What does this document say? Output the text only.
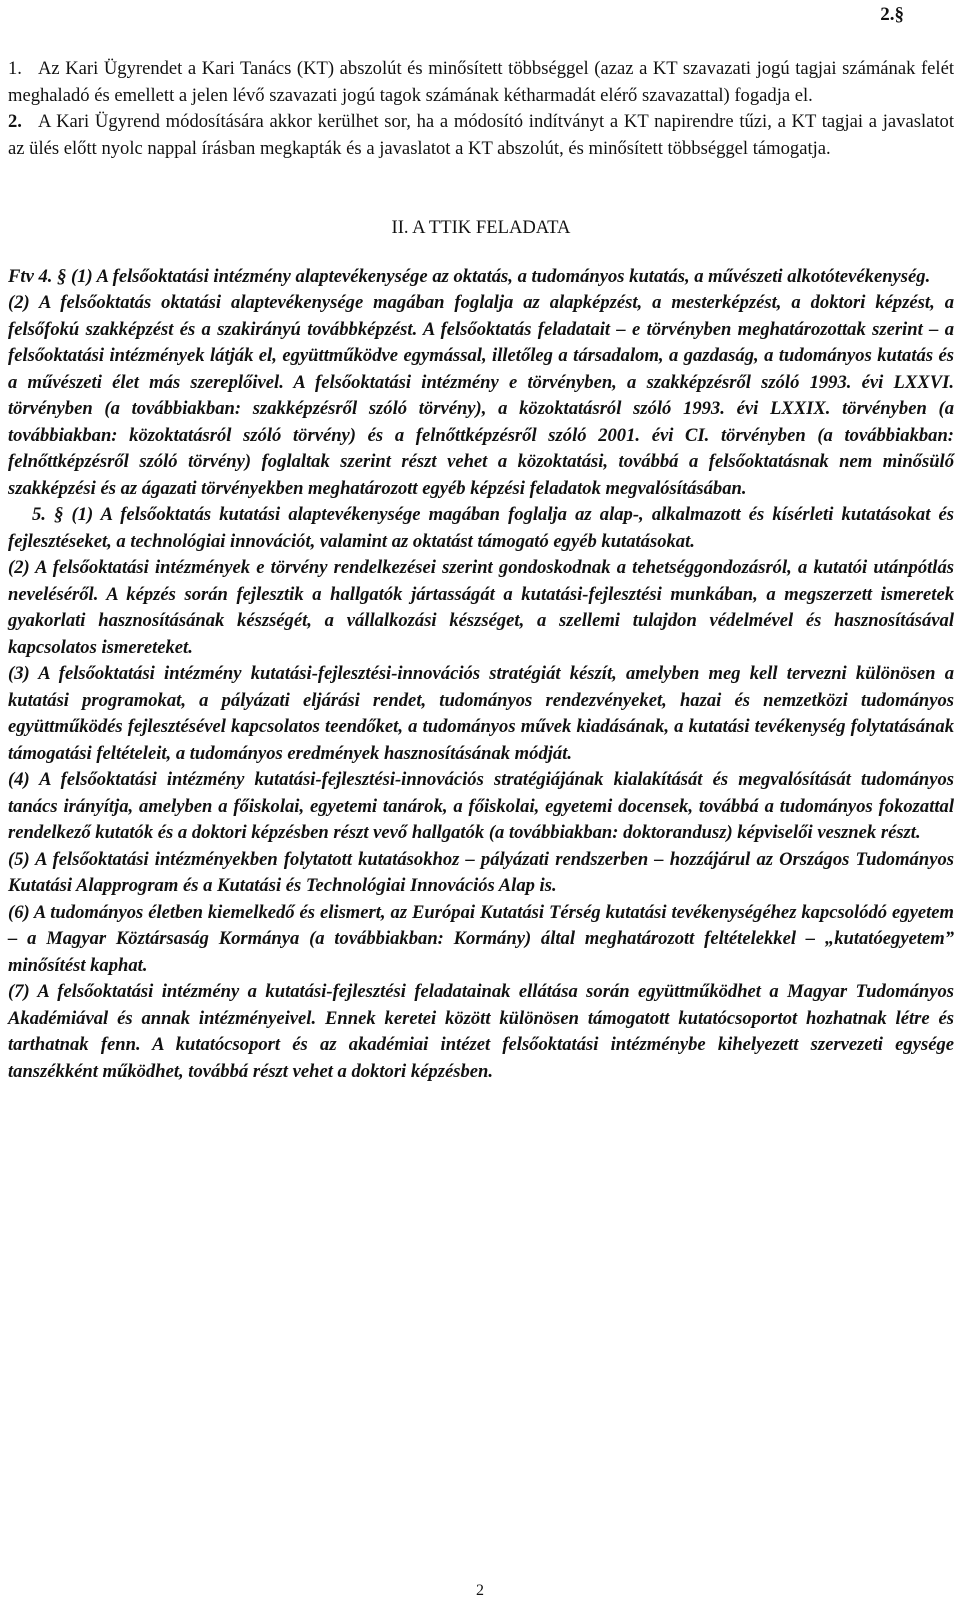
2.§

1. Az Kari Ügyrendet a Kari Tanács (KT) abszolút és minősített többséggel (azaz a KT szavazati jogú tagjai számának felét meghaladó és emellett a jelen lévő szavazati jogú tagok számának kétharmadát elérő szavazattal) fogadja el.

2. A Kari Ügyrend módosítására akkor kerülhet sor, ha a módosító indítványt a KT napirendre tűzi, a KT tagjai a javaslatot az ülés előtt nyolc nappal írásban megkapták és a javaslatot a KT abszolút, és minősített többséggel támogatja.

II. A TTIK FELADATA

Ftv 4. § (1) A felsőoktatási intézmény alaptevékenysége az oktatás, a tudományos kutatás, a művészeti alkotótevékenység.

(2) A felsőoktatás oktatási alaptevékenysége magában foglalja az alapképzést, a mesterképzést, a doktori képzést, a felsőfokú szakképzést és a szakirányú továbbképzést. A felsőoktatás feladatait – e törvényben meghatározottak szerint – a felsőoktatási intézmények látják el, együttműködve egymással, illetőleg a társadalom, a gazdaság, a tudományos kutatás és a művészeti élet más szereplőivel. A felsőoktatási intézmény e törvényben, a szakképzésről szóló 1993. évi LXXVI. törvényben (a továbbiakban: szakképzésről szóló törvény), a közoktatásról szóló 1993. évi LXXIX. törvényben (a továbbiakban: közoktatásról szóló törvény) és a felnőttképzésről szóló 2001. évi CI. törvényben (a továbbiakban: felnőttképzésről szóló törvény) foglaltak szerint részt vehet a közoktatási, továbbá a felsőoktatásnak nem minősülő szakképzési és az ágazati törvényekben meghatározott egyéb képzési feladatok megvalósításában.

5. § (1) A felsőoktatás kutatási alaptevékenysége magában foglalja az alap-, alkalmazott és kísérleti kutatásokat és fejlesztéseket, a technológiai innovációt, valamint az oktatást támogató egyéb kutatásokat.

(2) A felsőoktatási intézmények e törvény rendelkezései szerint gondoskodnak a tehetséggondozásról, a kutatói utánpótlás neveléséről. A képzés során fejlesztik a hallgatók jártasságát a kutatási-fejlesztési munkában, a megszerzett ismeretek gyakorlati hasznosításának készségét, a vállalkozási készséget, a szellemi tulajdon védelmével és hasznosításával kapcsolatos ismereteket.

(3) A felsőoktatási intézmény kutatási-fejlesztési-innovációs stratégiát készít, amelyben meg kell tervezni különösen a kutatási programokat, a pályázati eljárási rendet, tudományos rendezvényeket, hazai és nemzetközi tudományos együttműködés fejlesztésével kapcsolatos teendőket, a tudományos művek kiadásának, a kutatási tevékenység folytatásának támogatási feltételeit, a tudományos eredmények hasznosításának módját.

(4) A felsőoktatási intézmény kutatási-fejlesztési-innovációs stratégiájának kialakítását és megvalósítását tudományos tanács irányítja, amelyben a főiskolai, egyetemi tanárok, a főiskolai, egyetemi docensek, továbbá a tudományos fokozattal rendelkező kutatók és a doktori képzésben részt vevő hallgatók (a továbbiakban: doktorandusz) képviselői vesznek részt.

(5) A felsőoktatási intézményekben folytatott kutatásokhoz – pályázati rendszerben – hozzájárul az Országos Tudományos Kutatási Alapprogram és a Kutatási és Technológiai Innovációs Alap is.

(6) A tudományos életben kiemelkedő és elismert, az Európai Kutatási Térség kutatási tevékenységéhez kapcsolódó egyetem – a Magyar Köztársaság Kormánya (a továbbiakban: Kormány) által meghatározott feltételekkel – „kutatóegyetem” minősítést kaphat.

(7) A felsőoktatási intézmény a kutatási-fejlesztési feladatainak ellátása során együttműködhet a Magyar Tudományos Akadémiával és annak intézményeivel. Ennek keretei között különösen támogatott kutatócsoportot hozhatnak létre és tarthatnak fenn. A kutatócsoport és az akadémiai intézet felsőoktatási intézménybe kihelyezett szervezeti egysége tanszékként működhet, továbbá részt vehet a doktori képzésben.

2
